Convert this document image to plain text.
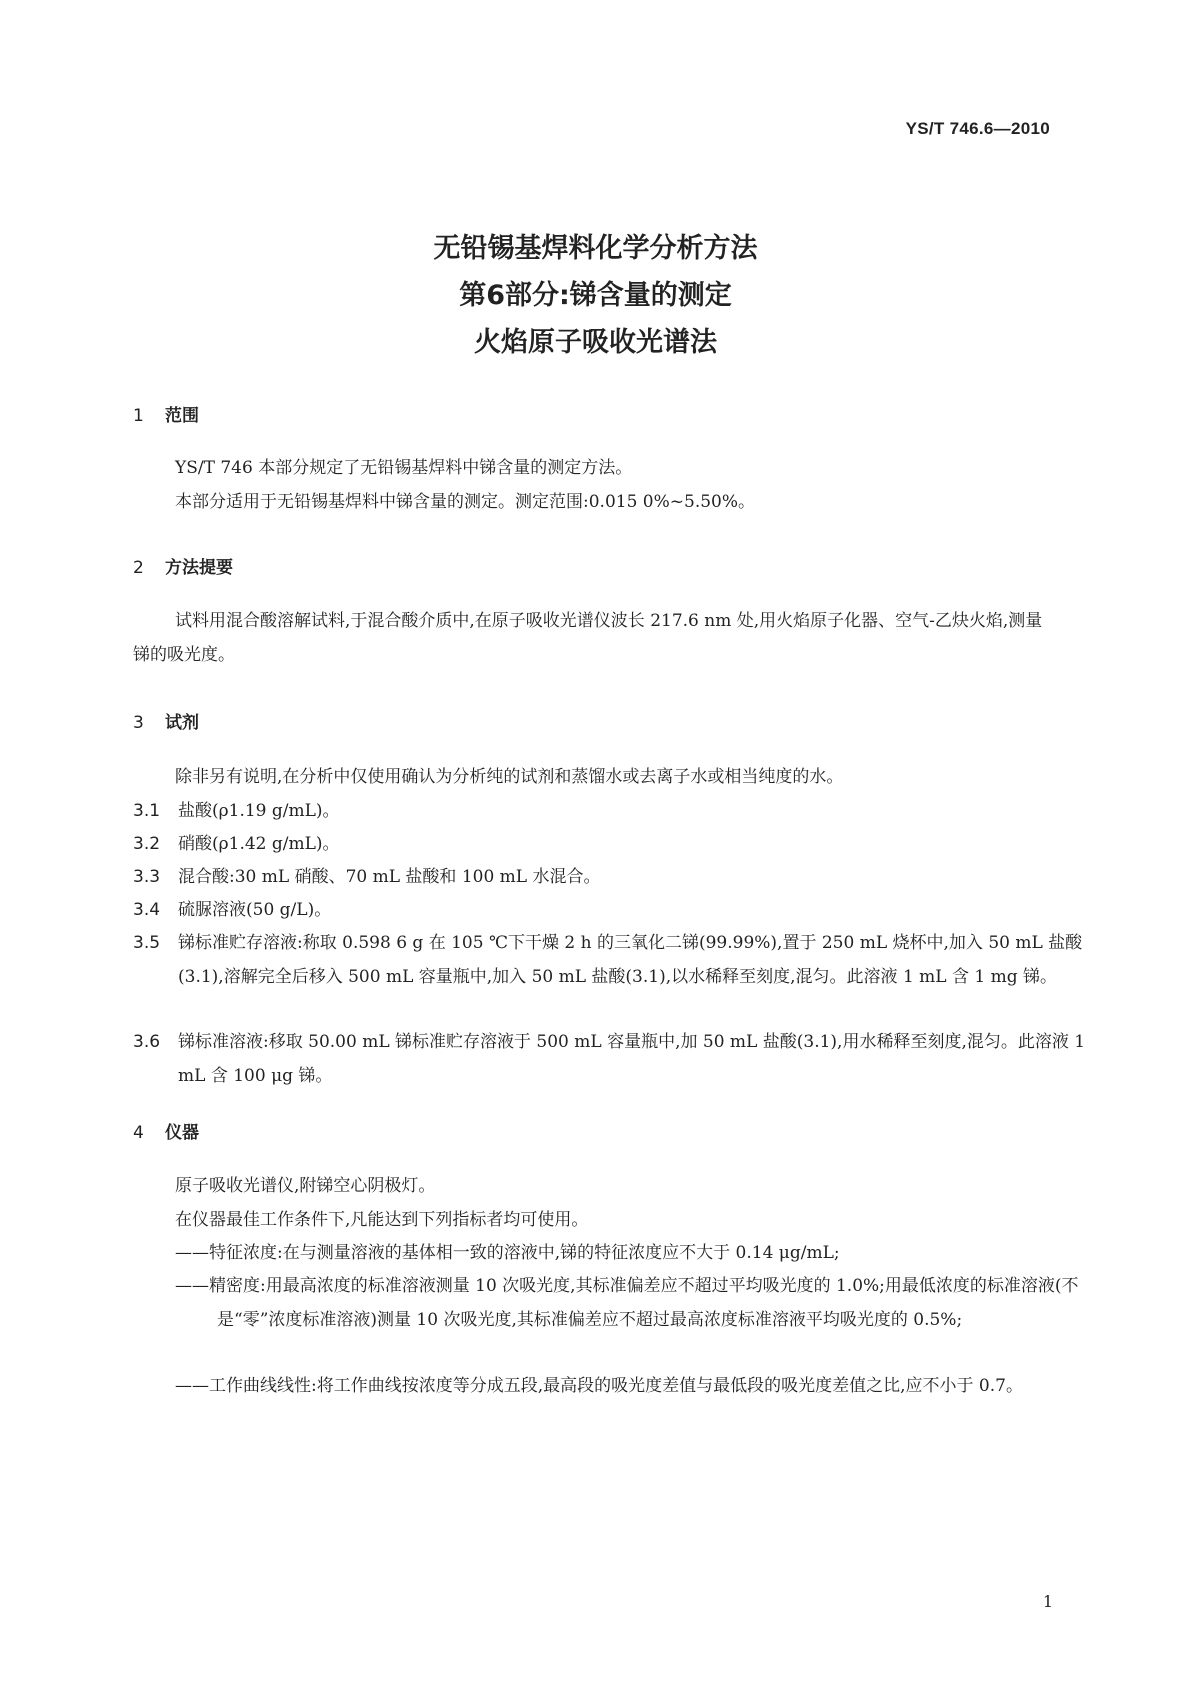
YS/T 746.6—2010
无铅锡基焊料化学分析方法
第6部分:锑含量的测定
火焰原子吸收光谱法
1 范围
YS/T 746 本部分规定了无铅锡基焊料中锑含量的测定方法。
本部分适用于无铅锡基焊料中锑含量的测定。测定范围:0.015 0%~5.50%。
2 方法提要
试料用混合酸溶解试料,于混合酸介质中,在原子吸收光谱仪波长 217.6 nm 处,用火焰原子化器、空气-乙炔火焰,测量锑的吸光度。
3 试剂
除非另有说明,在分析中仅使用确认为分析纯的试剂和蒸馏水或去离子水或相当纯度的水。
3.1 盐酸(ρ1.19 g/mL)。
3.2 硝酸(ρ1.42 g/mL)。
3.3 混合酸:30 mL 硝酸、70 mL 盐酸和 100 mL 水混合。
3.4 硫脲溶液(50 g/L)。
3.5 锑标准贮存溶液:称取 0.598 6 g 在 105 ℃下干燥 2 h 的三氧化二锑(99.99%),置于 250 mL 烧杯中,加入 50 mL 盐酸(3.1),溶解完全后移入 500 mL 容量瓶中,加入 50 mL 盐酸(3.1),以水稀释至刻度,混匀。此溶液 1 mL 含 1 mg 锑。
3.6 锑标准溶液:移取 50.00 mL 锑标准贮存溶液于 500 mL 容量瓶中,加 50 mL 盐酸(3.1),用水稀释至刻度,混匀。此溶液 1 mL 含 100 μg 锑。
4 仪器
原子吸收光谱仪,附锑空心阴极灯。
在仪器最佳工作条件下,凡能达到下列指标者均可使用。
——特征浓度:在与测量溶液的基体相一致的溶液中,锑的特征浓度应不大于 0.14 μg/mL;
——精密度:用最高浓度的标准溶液测量 10 次吸光度,其标准偏差应不超过平均吸光度的 1.0%;用最低浓度的标准溶液(不是“零”浓度标准溶液)测量 10 次吸光度,其标准偏差应不超过最高浓度标准溶液平均吸光度的 0.5%;
——工作曲线线性:将工作曲线按浓度等分成五段,最高段的吸光度差值与最低段的吸光度差值之比,应不小于 0.7。
1
